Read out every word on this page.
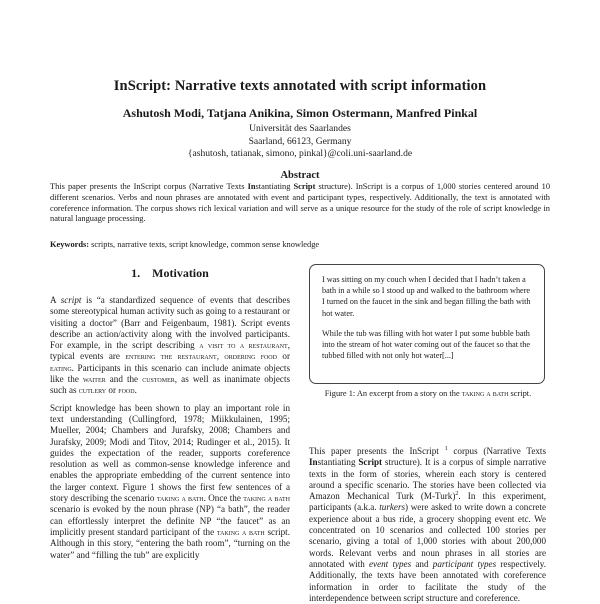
InScript: Narrative texts annotated with script information
Ashutosh Modi, Tatjana Anikina, Simon Ostermann, Manfred Pinkal
Universität des Saarlandes
Saarland, 66123, Germany
{ashutosh, tatianak, simono, pinkal}@coli.uni-saarland.de
Abstract
This paper presents the InScript corpus (Narrative Texts Instantiating Script structure). InScript is a corpus of 1,000 stories centered around 10 different scenarios. Verbs and noun phrases are annotated with event and participant types, respectively. Additionally, the text is annotated with coreference information. The corpus shows rich lexical variation and will serve as a unique resource for the study of the role of script knowledge in natural language processing.
Keywords: scripts, narrative texts, script knowledge, common sense knowledge
1.    Motivation

A script is “a standardized sequence of events that describes some stereotypical human activity such as going to a restaurant or visiting a doctor” (Barr and Feigenbaum, 1981). Script events describe an action/activity along with the involved participants. For example, in the script describing a visit to a restaurant, typical events are entering the restaurant, ordering food or eating. Participants in this scenario can include animate objects like the waiter and the customer, as well as inanimate objects such as cutlery or food.

Script knowledge has been shown to play an important role in text understanding (Cullingford, 1978; Miikkulainen, 1995; Mueller, 2004; Chambers and Jurafsky, 2008; Chambers and Jurafsky, 2009; Modi and Titov, 2014; Rudinger et al., 2015). It guides the expectation of the reader, supports coreference resolution as well as common-sense knowledge inference and enables the appropriate embedding of the current sentence into the larger context. Figure 1 shows the first few sentences of a story describing the scenario taking a bath. Once the taking a bath scenario is evoked by the noun phrase (NP) “a bath”, the reader can effortlessly interpret the definite NP “the faucet” as an implicitly present standard participant of the taking a bath script. Although in this story, “entering the bath room”, “turning on the water” and “filling the tub” are explicitly

I was sitting on my couch when I decided that I hadn’t taken a bath in a while so I stood up and walked to the bathroom where I turned on the faucet in the sink and began filling the bath with hot water.

While the tub was filling with hot water I put some bubble bath into the stream of hot water coming out of the faucet so that the tubbed filled with not only hot water[...]

Figure 1: An excerpt from a story on the taking a bath script.

This paper presents the InScript $^1$ corpus (Narrative Texts Instantiating Script structure). It is a corpus of simple narrative texts in the form of stories, wherein each story is centered around a specific scenario. The stories have been collected via Amazon Mechanical Turk (M-Turk)$^2$. In this experiment, participants (a.k.a. turkers) were asked to write down a concrete experience about a bus ride, a grocery shopping event etc. We concentrated on 10 scenarios and collected 100 stories per scenario, giving a total of 1,000 stories with about 200,000 words. Relevant verbs and noun phrases in all stories are annotated with event types and participant types respectively. Additionally, the texts have been annotated with coreference information in order to facilitate the study of the interdependence between script structure and coreference.
